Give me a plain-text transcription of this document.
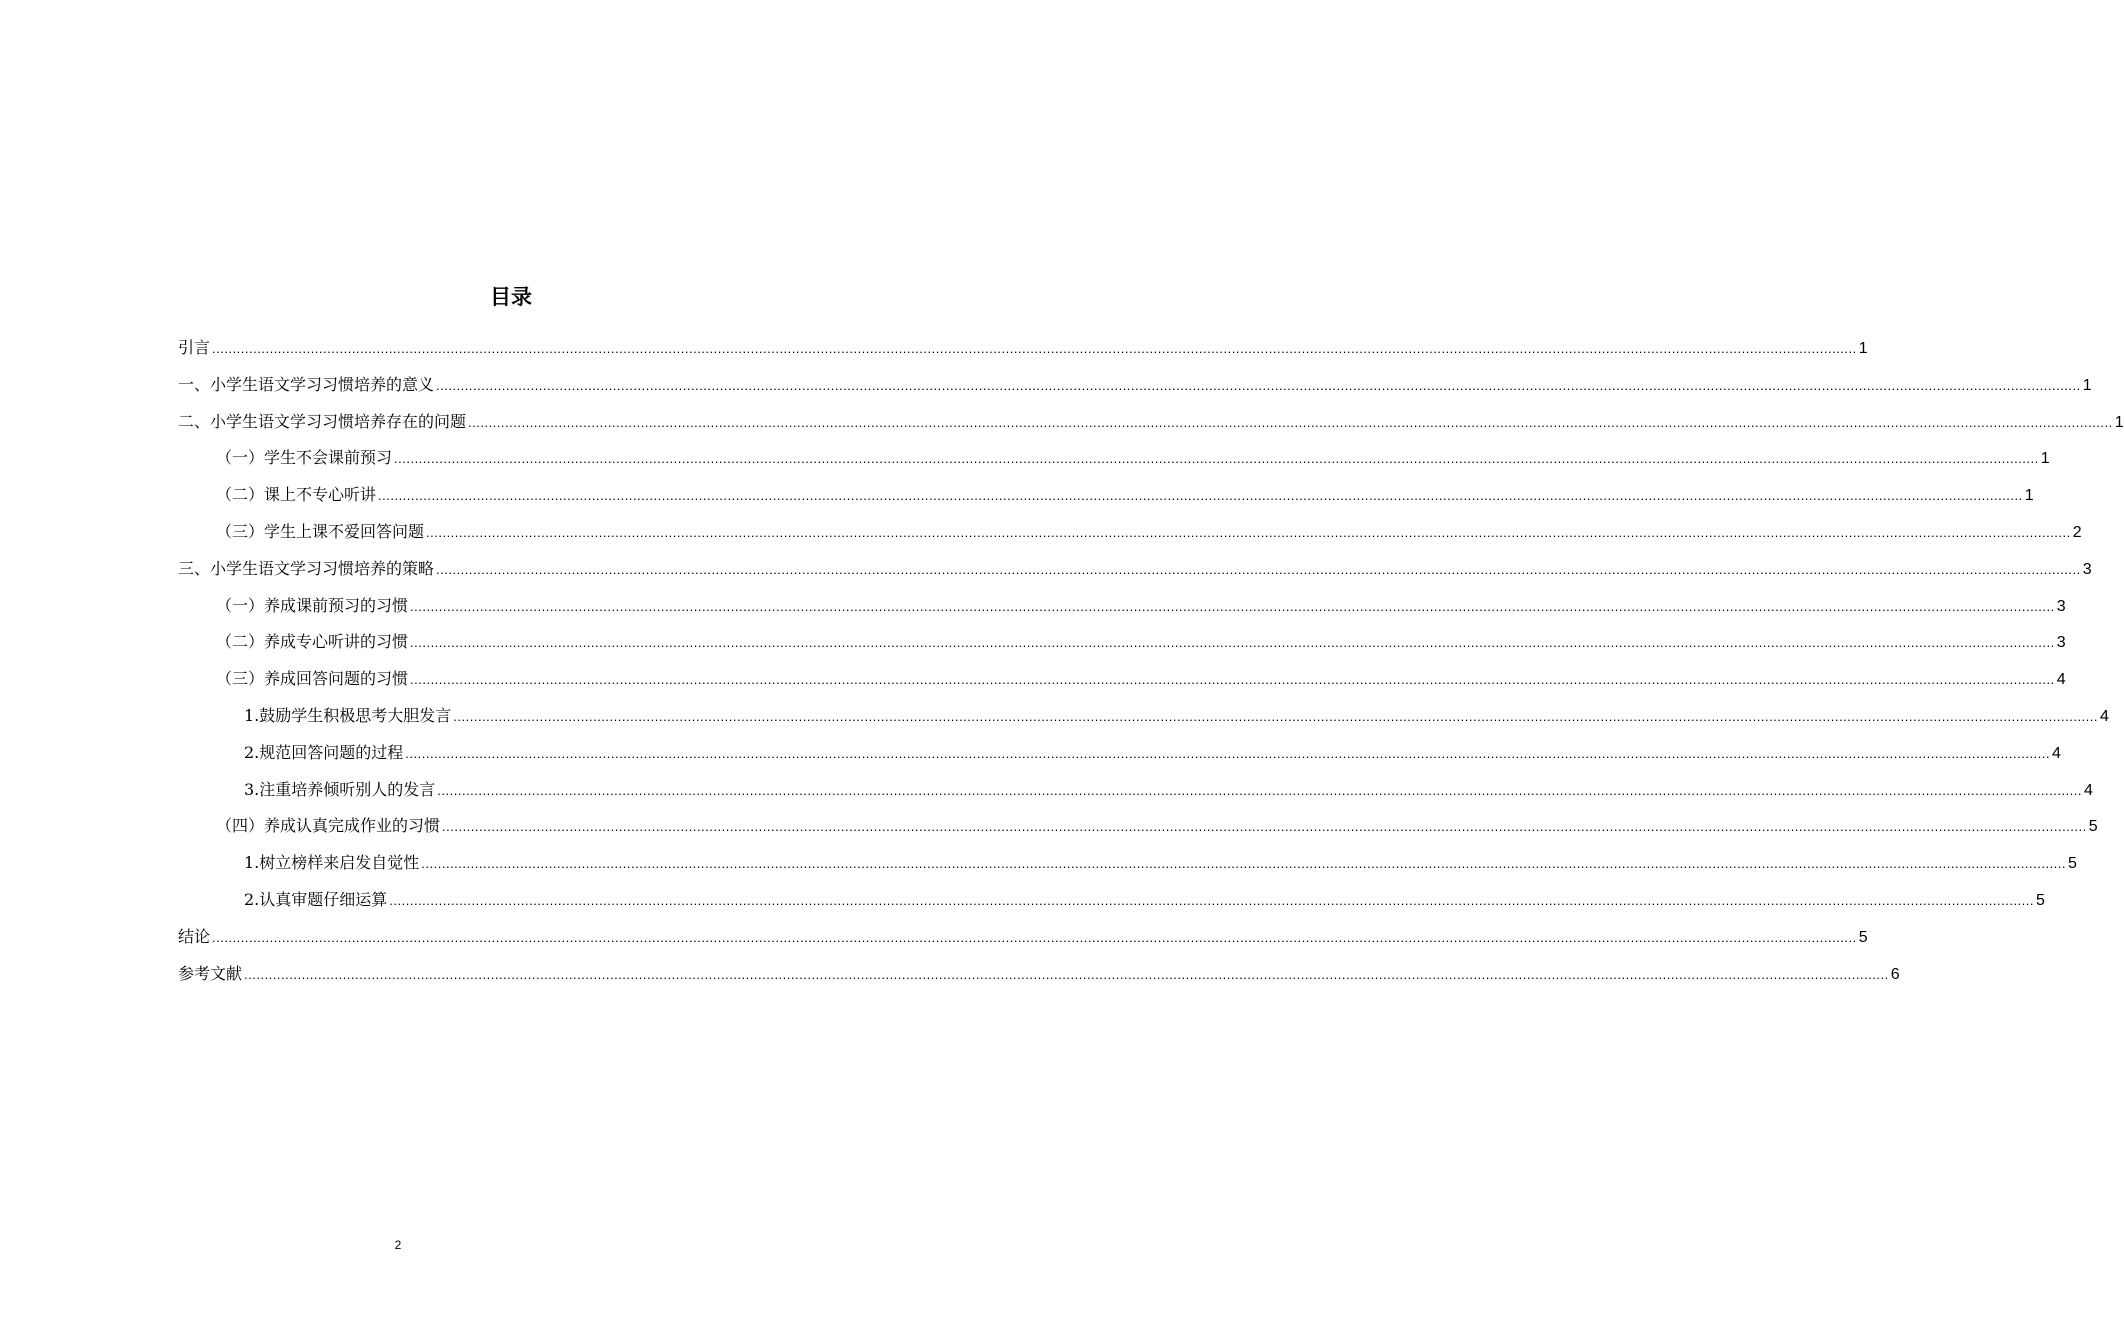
目录
引言 ................................................................................................................................................................................................................................................................................................................................................................................................................ 1
一、小学生语文学习习惯培养的意义 ................................................................................................................................................................................................................................................................................................................................................................................................................ 1
二、小学生语文学习习惯培养存在的问题 ................................................................................................................................................................................................................................................................................................................................................................................................................ 1
（一）学生不会课前预习 ................................................................................................................................................................................................................................................................................................................................................................................................................ 1
（二）课上不专心听讲 ................................................................................................................................................................................................................................................................................................................................................................................................................ 1
（三）学生上课不爱回答问题 ................................................................................................................................................................................................................................................................................................................................................................................................................ 2
三、小学生语文学习习惯培养的策略 ................................................................................................................................................................................................................................................................................................................................................................................................................ 3
（一）养成课前预习的习惯 ................................................................................................................................................................................................................................................................................................................................................................................................................ 3
（二）养成专心听讲的习惯 ................................................................................................................................................................................................................................................................................................................................................................................................................ 3
（三）养成回答问题的习惯 ................................................................................................................................................................................................................................................................................................................................................................................................................ 4
1.鼓励学生积极思考大胆发言 ................................................................................................................................................................................................................................................................................................................................................................................................................ 4
2.规范回答问题的过程 ................................................................................................................................................................................................................................................................................................................................................................................................................ 4
3.注重培养倾听别人的发言 ................................................................................................................................................................................................................................................................................................................................................................................................................ 4
（四）养成认真完成作业的习惯 ................................................................................................................................................................................................................................................................................................................................................................................................................ 5
1.树立榜样来启发自觉性 ................................................................................................................................................................................................................................................................................................................................................................................................................ 5
2.认真审题仔细运算 ................................................................................................................................................................................................................................................................................................................................................................................................................ 5
结论 ................................................................................................................................................................................................................................................................................................................................................................................................................ 5
参考文献 ................................................................................................................................................................................................................................................................................................................................................................................................................ 6
2
